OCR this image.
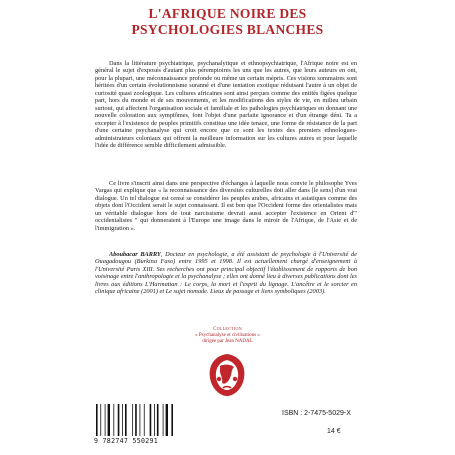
L'AFRIQUE NOIRE DES
PSYCHOLOGIES BLANCHES

Dans la littérature psychiatrique, psychanalytique et ethnopsychiatrique, l'Afrique noire est en général le sujet d'exposés d'autant plus péremptoires les uns que les autres, que leurs auteurs en ont, pour la plupart, une méconnaissance profonde ou même un certain mépris. Ces visions sommaires sont héritées d'un certain évolutionnisme suranné et d'une tentation exotique réduisant l'autre à un objet de curiosité quasi zoologique. Les cultures africaines sont ainsi perçues comme des entités figées quelque part, hors du monde et de ses mouvements, et les modifications des styles de vie, en milieu urbain surtout, qui affectent l'organisation sociale et familiale et les pathologies psychiatriques en donnant une nouvelle coloration aux symptômes, font l'objet d'une parfaite ignorance et d'un étrange déni. Ta a excepter à l'existence de peuples primitifs constitue une idée tenace, une forme de résistance de la part d'une certaine psychanalyse qui croit encore que ce sont les textes des premiers ethnologues-administrateurs coloniaux qui offrent la meilleure information sur les cultures autres et pour laquelle l'idée de différence semble difficilement admissible.

Ce livre s'inscrit ainsi dans une perspective d'échanges à laquelle nous convie le philosophe Yves Vargas qui explique que « la reconnaissance des diversités culturelles doit aller dans [le sens] d'un vrai dialogue. Un tel dialogue est censé se considérer les peuples arabes, africains et asiatiques comme des objets dont l'Occident serait le sujet connaissant. Il est bon que l'Occident forme des orientalistes mais un véritable dialogue hors de tout narcissisme devrait aussi accepter l'existence en Orient d'" occidentalistes " qui donneraient à l'Europe une image dans le miroir de l'Afrique, de l'Asie et de l'immigration ».

Aboubacar BARRY, Docteur en psychologie, a été assistant de psychologie à l'Université de Ouagadougou (Burkina Faso) entre 1995 et 1998. Il est actuellement chargé d'enseignement à l'Université Paris XIII. Ses recherches ont pour principal objectif l'établissement de rapports de bon voisinage entre l'anthropologie et la psychanalyse ; elles ont donné lieu à diverses publications dont les livres aux éditions L'Harmattan : Le corps, la mort et l'esprit du lignage. L'ancêtre et le sorcier en clinique africaine (2001) et Le sujet nomade. Lieux de passage et liens symboliques (2003).
Collection
« Psychanalyse et civilisations »
dirigée par Jean NADAL
9 782747 550291
ISBN : 2-7475-5029-X
14 €
